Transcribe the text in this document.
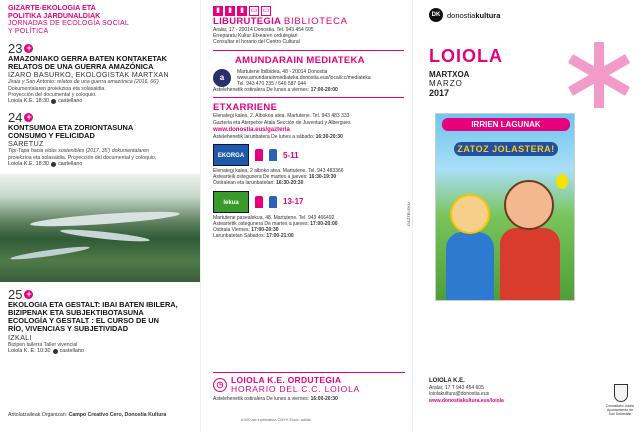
GIZARTE-EKOLOGIA ETA
POLITIKA JARDUNALDIAK
JORNADAS DE ECOLOGÍA SOCIAL
Y POLÍTICA
23 +
AMAZONIAKO GERRA BATEN KONTAKETAK
RELATOS DE UNA GUERRA AMAZÓNICA
IZARO BASURKO, EKOLOGISTAK MARTXAN
Jiraia y San Antonio: relatos de una guerra amazónica (2016, 66')
Dokumentalaren proiekzioa eta solasaldia.
Proyección del documental y coloquio.
Loiola K.E. 18:30 castellano
24 +
KONTSUMOA ETA ZORIONTASUNA
CONSUMO Y FELICIDAD
SARETUZ
Tipi-Tapa hacia vidas sostenibles (2017, 35') dokumentalaren
proiekzioa eta solasaldia. Proyección del documental y coloquio.
Loiola K.E. 18:30 castellano
25 +
EKOLOGIA ETA GESTALT: IBAI BATEN IBILERA,
BIZIPENAK ETA SUBJEKTIBOTASUNA
ECOLOGÍA Y GESTALT : EL CURSO DE UN
RÍO, VIVENCIAS Y SUBJETIVIDAD
IZKALI
Bizipen tailerra Taller vivencial
Loiola K. E. 10:30 castellano
Antolatzaileak Organizan: Campo Creativo Cero, Donostia Kultura
▮	▮	▮ ▭ ▭
LIBURUTEGIA BIBLIOTECA
Aralar, 17 - 20014 Donostia. Tel. 943 454 605
Erreparatu Kultur Etxearen ordutegiari
Consultar el horario del Centro Cultural
AMUNDARAIN MEDIATEKA
a
Martutene Ibilbidea, 48 - 20014 Donostia
www.amundarainmediateka.donostia.eus/local/cc/mediateka
Tel. 943 470 235 / 646 587 044
Astelehenetik ostiralera De lunes a viernes: 17:00-20:00
ETXARRIENE
Elenategi kalea, 2. Albokoa atea. Martutene. Tel. 943 483 333
Gazteria eta Aterpetxe Atala Sección de Juventud y Albergues
www.donostia.eus/gazteria
Astelehenetik larunbatera De lunes a sábado: 16:30-20:30
EKORGA	5-11
Elenategi kalea, 2 alboko atea. Martutene. Tel. 943 483366
Astearteik ostegunera De martes a jueves: 16:30-19:30
Ostiralean eta larunbatetan: 16:30-20:30
lekua	13-17
Martutene pasealekua, 48. Martutene. Tel. 943 466492
Asteartetik ostegunera De martes a jueves: 17:00-20:00
Ostirala Viernes: 17:00-20:30
Larunbatetan Sábados: 17:00-21:00
◷ LOIOLA K.E. ORDUTEGIA
HORARIO DEL C.C. LOIOLA
Astelehenetik ostiralera De lunes a viernes: 16:00-20:30
6.000 ale inprimatuta CMYK Ekoiz. adilak
GAZTELEKU
DK donostiakultura
LOIOLA
MARTXOA
MARZO
2017
IRRIEN LAGUNAK
ZATOZ JOLASTERA!
LOIOLA K.E.
Aralar, 17 T 943 454 605
loiolakultura@donostia.eus
www.donostiakultura.eus/loiola
Donostiako Udala Ayuntamiento de San Sebastián
